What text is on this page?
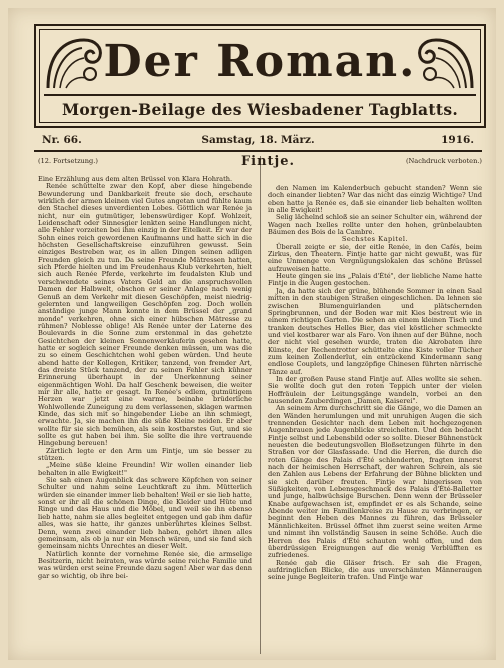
Der Roman.
Morgen-Beilage des Wiesbadener Tagblatts.
Nr. 66.	Samstag, 18. März.	1916.
(12. Fortsetzung.)

Eine Erzählung aus dem alten Brüssel von Klara Hohrath.

Renée schüttelte zwar den Kopf, aber diese hingebende Bewunderung und Dankbarkeit freute sie doch, erschaute wirklich der armen kleinen viel Gutes angetan und fühlte kaum den Stachel dieses unverdienten Lobes. Göttlich war Renée ja nicht, nur ein gutmütiger, lebenswürdiger Kopf. Wohlzeit, Leidenschaft oder Sinnesgier lenkten seine Handlungen nicht, alle Fehler vorzeiten bei ihm einzig in der Eitelkeit. Er war der Sohn eines reich gewordenen Kaufmanns und hatte sich in die höchsten Gesellschaftskreise einzuführen gewusst. Sein einziges Bestreben war, es in allen Dingen seinen adligen Freunden gleich zu tun. Da seine Freunde Mätressen hatten, sich Pferde hielten und im Freudenhaus Klub verkehrten, hielt sich auch Renée Pferde, verkehrte im feudalsten Klub und verschwendete seines Vaters Geld an die anspruchsvollen Damen der Halbwelt, obschon er seiner Anlage nach wenig Genuß an dem Verkehr mit diesen Geschöpfen, meist niedrig-gelernten und langweiligen Geschöpfen zog. Doch wollen anständige junge Mann konnte in dem Brüssel der „grand monde" verkehren, ohne sich einer hübschen Mätresse zu rühmen? Noblesse oblige! Als Renée unter der Laterne des Boulevards in die Sonne zum erstenmal in das gehetzte Gesichtchen der kleinen Sonnenwerkäuferin gesehen hatte, hatte er sogleich seiner Freunde denken müssen, um was die zu so einem Geschichtchen wohl geben würden. Und heute abend hatte der Kollegen, Kritiker, tanzend, von fremder Art, das dreiste Stück tanzend, der zu seinen Fehler sich kühner Erinnerung überhaupt in der Unerkennung seiner eigenmächtigen Wohl. Da half Geschenk beweisen, die weiter mir ihr alle, hatte er gesagt. In Renée's edlem, gutmütigem Herzen war jetzt eine warme, beinahe brüderliche Wohlwollende Zuneigung zu dem verlassenen, sklagen warmen Kinde, das sich mit so hingebender Liebe an ihn schmiegt, erwachte. Ja, sie machen ihn die süße Kleine neiden. Er aber wollte für sie sich bemühen, als sein kostbarstes Gut, und sie sollte es gut haben bei ihm. Sie sollte die ihre vertrauende Hingebung bereuen!

Zärtlich legte er den Arm um Fintje, um sie besser zu stützen.

„Meine süße kleine Freundin! Wir wollen einander lieb behalten in alle Ewigkeit!"

Sie sah einen Augenblick das schwere Köpfchen von seiner Schulter und nahm seine Leuchtkraft zu ihm. Mütterlich würden sie einander immer lieb behalten! Weil er sie lieb hatte, sonst er ihr all die schönen Dinge, die Kleider und Hüte und Ringe und das Haus und die Möbel, und weil sie ihn ebenso lieb hatte, nahm sie alles begleitet entgegen und gab ihm dafür alles, was sie hatte, ihr ganzes unberührtes kleines Selbst. Denn, wenn zwei einander lieb haben, gehört ihnen alles gemeinsam, als ob ja nur ein Mensch wären, und sie fand sich gemeinsam nichts Unrechtes an dieser Welt.

Natürlich konnte der vornehme Renée sie, die armselige Besitzerin, nicht heiraten, was würde seine reiche Familie und was würden erst seine Freunde dazu sagen! Aber war das denn gar so wichtig, ob ihre bei-

Fintje.	(Nachdruck verboten.)

den Namen im Kalenderbuch gebucht standen? Wenn sie doch einander liebten? War das nicht das einzig Wichtige? Und eben hatte ja Renée es, daß sie einander lieb behalten wollten in alle Ewigkeit!

Selig lächelnd schloß sie an seiner Schulter ein, während der Wagen nach Ixelles rollte unter den hohen, grünbelaubten Bäumen des Bois de la Cambre.

Sechstes Kapitel.

Überall zeigte er sie, der eitle Renée, in den Cafés, beim Zirkus, den Theatern. Fintje hatte gar nicht gewußt, was für eine Unmenge von Vergnügungslokalen das schöne Brüssel aufzuweisen hatte.

Heute gingen sie ins „Palais d'Été", der liebliche Name hatte Fintje in die Augen gestochen.

Ja, da hatte sich der grüne, blühende Sommer in einen Saal mitten in den staubigen Straßen eingeschlichen. Da lehnen sie zwischen Blumenguirlanden und plätschernden Springbrunnen, und der Boden war mit Kies bestreut wie in einem richtigen Garten. Die sehen an einem kleinen Tisch und tranken deutsches Helles Bier, das viel köstlicher schmeckte und viel kostbarer war als Faro. Von ihnen auf der Bühne, noch der nicht viel gesehen wurde, traten die Akrobaten ihre Künste, der Rechentrotter schüttelte eine Kiste voller Tücher zum keinen Zollenderlut, ein entzückend Kindermann sang endlose Couplets, und langzöpfige Chinesen führten närrische Tänze auf.

In der großen Pause stand Fintje auf. Alles wollte sie sehen. Sie wollte doch gut den roten Teppich unter der vielen Hoffräulein der Leitungsgänge wandeln, vorbei an den tausenden Zauberdingen „Damen, Kaiserei".

An seinem Arm durchschritt sie die Gänge, wo die Damen an den Wänden herumlungen und mit unruhigen Augen die sich trennenden Gesichter nach dem Leben mit hochgezogenen Augenbrauen jede Augenblicke streichelten. Und den bedacht Fintje selbst und Lebensbild oder so sollte. Dieser Bühnenstück neuesten die bedeutungsvollen Bloßsetzungen führte in den Straßen vor der Glasfassade. Und die Herren, die durch die roten Gänge des Palais d'Été schlenderten, fragten innerst nach der heimischen Herrschaft, der wahren Schrein, als sie den Zahlen aus Lebens der Erfahrung der Bühne blickten und sie sich darüber freuten. Fintje war hingerissen von Süßigkeiten, von Lebensgeschmack des Palais d'Été-Balletter und junge, halbwüchsige Burschen. Denn wenn der Brüsseler Knabe aufgewachsen ist, empfindet er es als Schande, seine Abende weiter im Familienkreise zu Hause zu verbringen, er beginnt den Heben des Mannes zu führen, das Brüsseler Männlichkeiten. Brüssel öffnet ihm zuerst seine weiten Arme und nimmt ihn vollständig Sausen in seine Schöße. Auch die Herren des Palais d'Été schauten wohl offen, und den überdrüssigen Ereignungen auf die wenig Verblüfften es zufriedenes.

Renée gab die Gläser frisch. Er sah die Fragen, aufdringlichen Blicke, die aus unverschämten Männeraugen seine junge Begleiterin trafen. Und Fintje war
